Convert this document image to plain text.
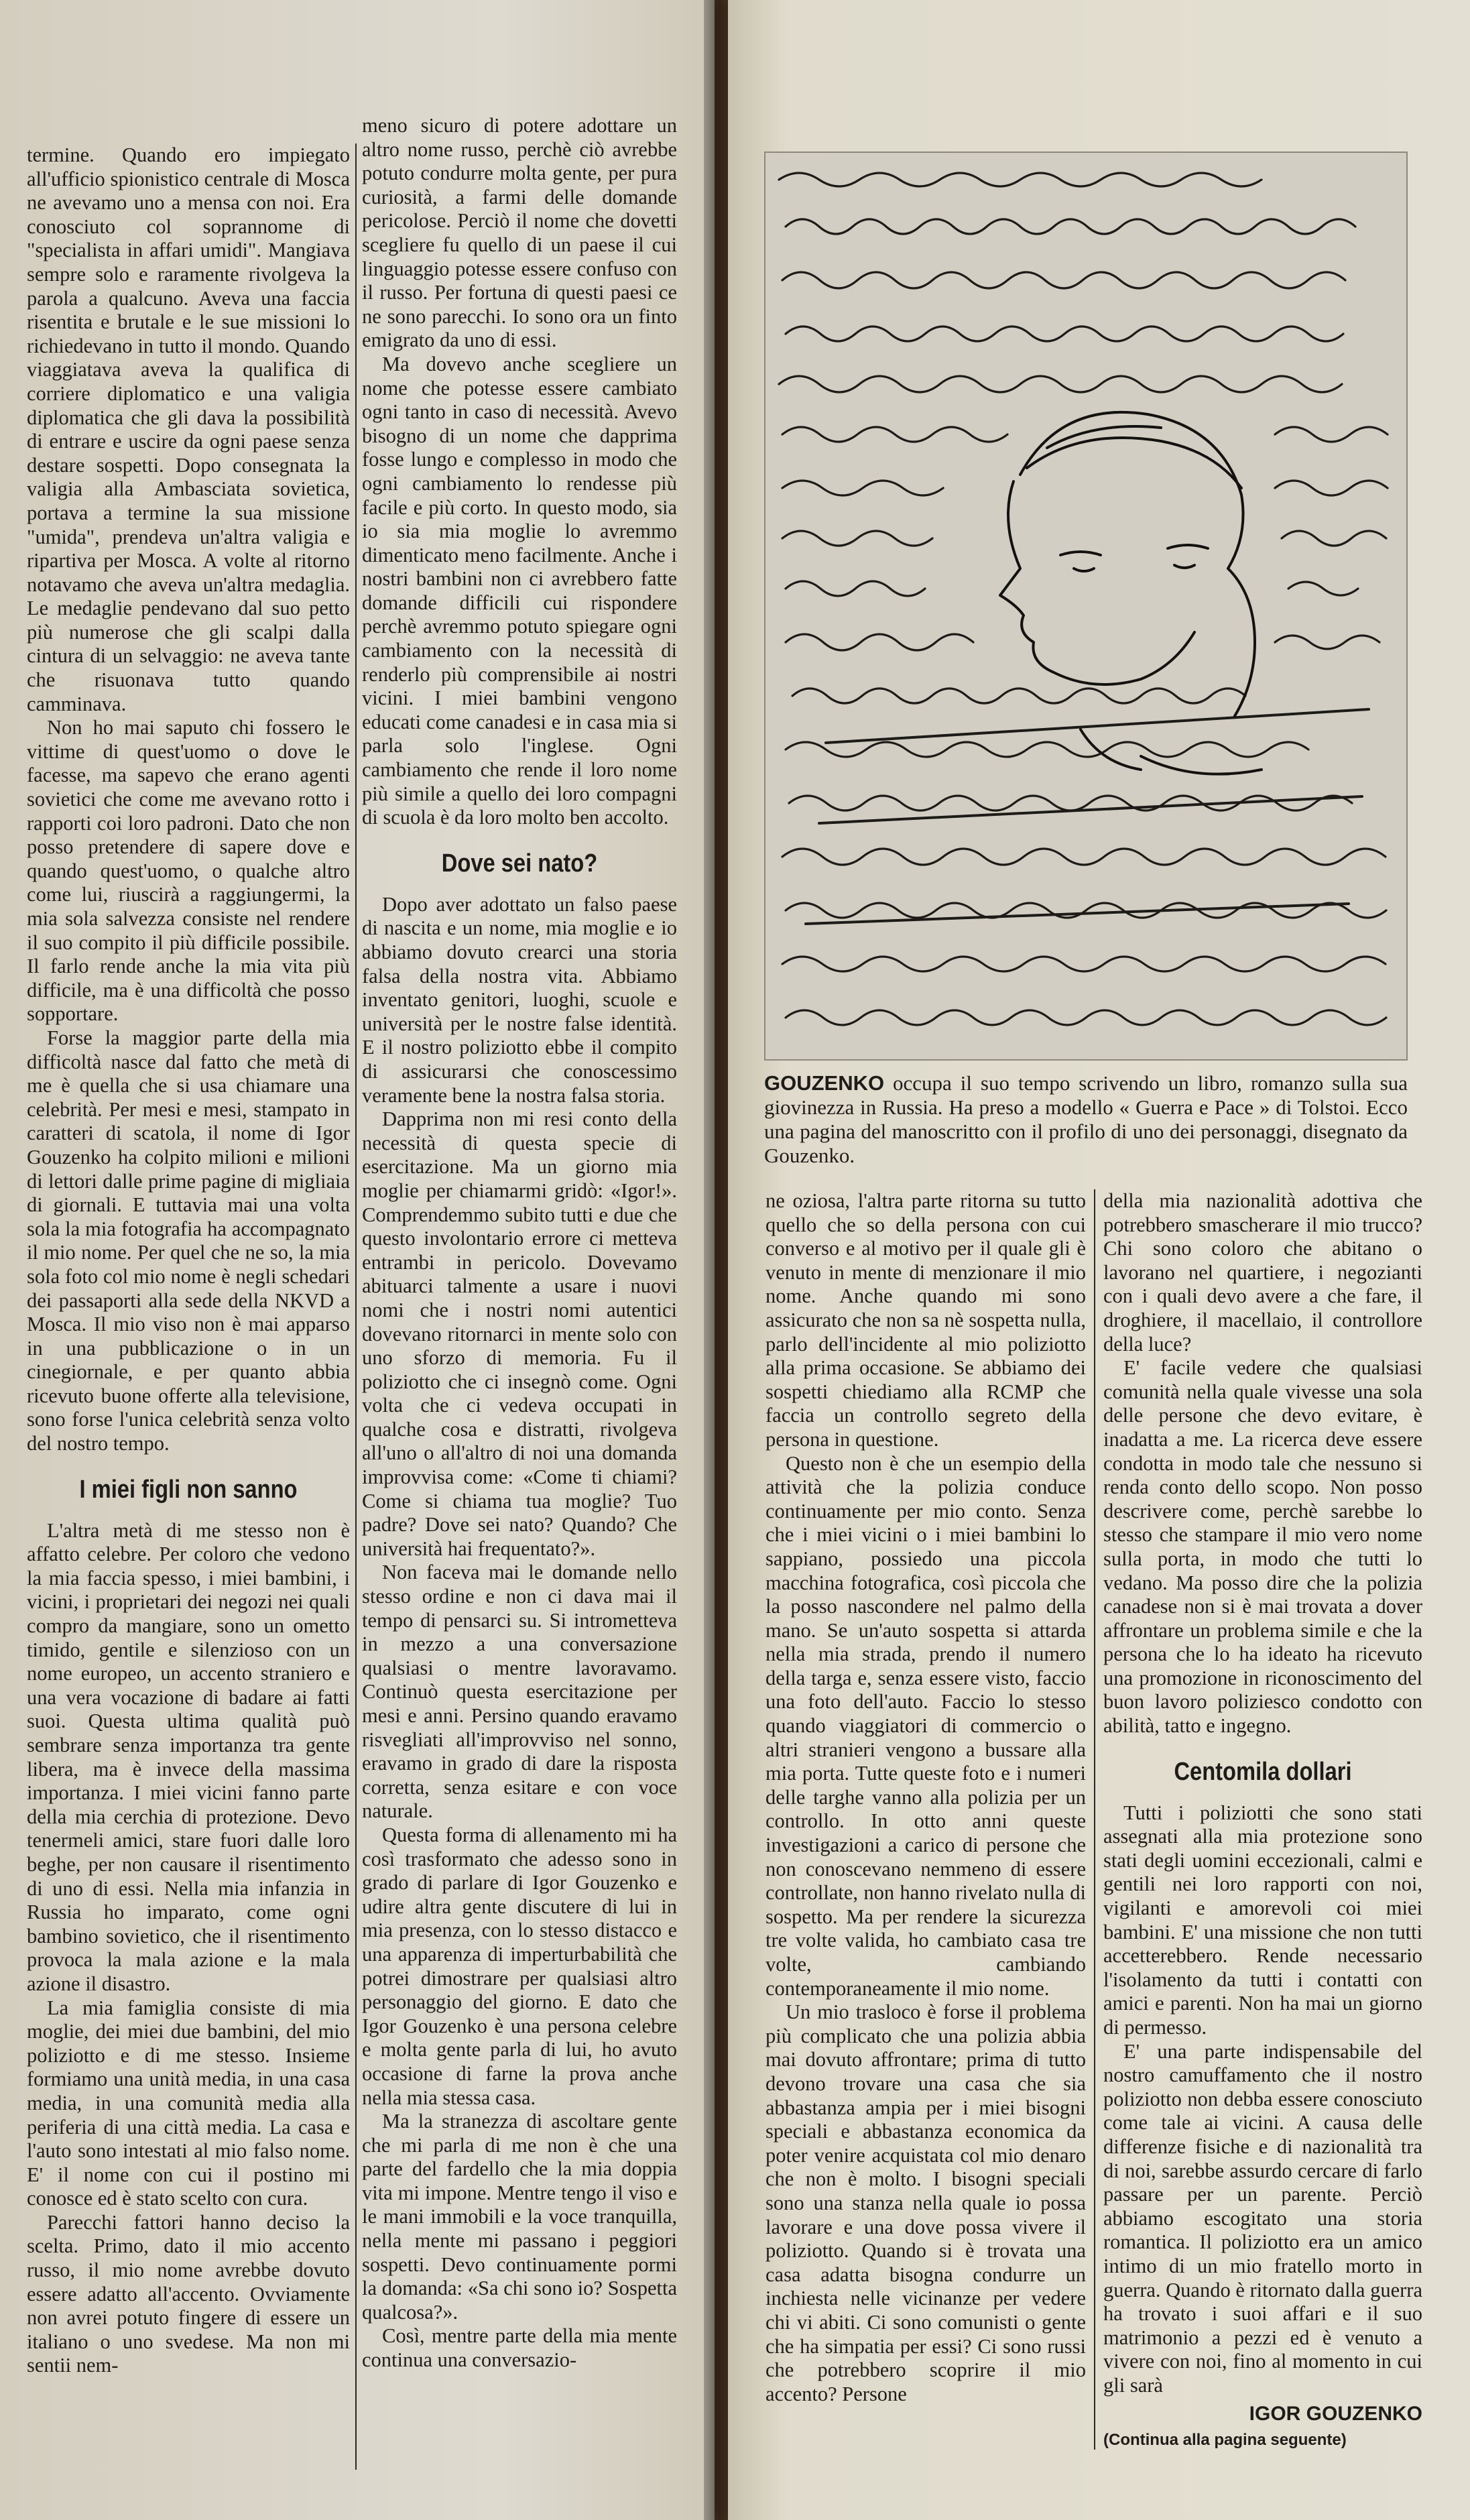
termine. Quando ero impiegato all'ufficio spionistico centrale di Mosca ne avevamo uno a mensa con noi. Era conosciuto col soprannome di "specialista in affari umidi". Mangiava sempre solo e raramente rivolgeva la parola a qualcuno. Aveva una faccia risentita e brutale e le sue missioni lo richiedevano in tutto il mondo. Quando viaggiatava aveva la qualifica di corriere diplomatico e una valigia diplomatica che gli dava la possibilità di entrare e uscire da ogni paese senza destare sospetti. Dopo consegnata la valigia alla Ambasciata sovietica, portava a termine la sua missione "umida", prendeva un'altra valigia e ripartiva per Mosca. A volte al ritorno notavamo che aveva un'altra medaglia. Le medaglie pendevano dal suo petto più numerose che gli scalpi dalla cintura di un selvaggio: ne aveva tante che risuonava tutto quando camminava.

Non ho mai saputo chi fossero le vittime di quest'uomo o dove le facesse, ma sapevo che erano agenti sovietici che come me avevano rotto i rapporti coi loro padroni. Dato che non posso pretendere di sapere dove e quando quest'uomo, o qualche altro come lui, riuscirà a raggiungermi, la mia sola salvezza consiste nel rendere il suo compito il più difficile possibile. Il farlo rende anche la mia vita più difficile, ma è una difficoltà che posso sopportare.

Forse la maggior parte della mia difficoltà nasce dal fatto che metà di me è quella che si usa chiamare una celebrità. Per mesi e mesi, stampato in caratteri di scatola, il nome di Igor Gouzenko ha colpito milioni e milioni di lettori dalle prime pagine di migliaia di giornali. E tuttavia mai una volta sola la mia fotografia ha accompagnato il mio nome. Per quel che ne so, la mia sola foto col mio nome è negli schedari dei passaporti alla sede della NKVD a Mosca. Il mio viso non è mai apparso in una pubblicazione o in un cinegiornale, e per quanto abbia ricevuto buone offerte alla televisione, sono forse l'unica celebrità senza volto del nostro tempo.

I miei figli non sanno

L'altra metà di me stesso non è affatto celebre. Per coloro che vedono la mia faccia spesso, i miei bambini, i vicini, i proprietari dei negozi nei quali compro da mangiare, sono un ometto timido, gentile e silenzioso con un nome europeo, un accento straniero e una vera vocazione di badare ai fatti suoi. Questa ultima qualità può sembrare senza importanza tra gente libera, ma è invece della massima importanza. I miei vicini fanno parte della mia cerchia di protezione. Devo tenermeli amici, stare fuori dalle loro beghe, per non causare il risentimento di uno di essi. Nella mia infanzia in Russia ho imparato, come ogni bambino sovietico, che il risentimento provoca la mala azione e la mala azione il disastro.

La mia famiglia consiste di mia moglie, dei miei due bambini, del mio poliziotto e di me stesso. Insieme formiamo una unità media, in una casa media, in una comunità media alla periferia di una città media. La casa e l'auto sono intestati al mio falso nome. E' il nome con cui il postino mi conosce ed è stato scelto con cura.

Parecchi fattori hanno deciso la scelta. Primo, dato il mio accento russo, il mio nome avrebbe dovuto essere adatto all'accento. Ovviamente non avrei potuto fingere di essere un italiano o uno svedese. Ma non mi sentii nem-

meno sicuro di potere adottare un altro nome russo, perchè ciò avrebbe potuto condurre molta gente, per pura curiosità, a farmi delle domande pericolose. Perciò il nome che dovetti scegliere fu quello di un paese il cui linguaggio potesse essere confuso con il russo. Per fortuna di questi paesi ce ne sono parecchi. Io sono ora un finto emigrato da uno di essi.

Ma dovevo anche scegliere un nome che potesse essere cambiato ogni tanto in caso di necessità. Avevo bisogno di un nome che dapprima fosse lungo e complesso in modo che ogni cambiamento lo rendesse più facile e più corto. In questo modo, sia io sia mia moglie lo avremmo dimenticato meno facilmente. Anche i nostri bambini non ci avrebbero fatte domande difficili cui rispondere perchè avremmo potuto spiegare ogni cambiamento con la necessità di renderlo più comprensibile ai nostri vicini. I miei bambini vengono educati come canadesi e in casa mia si parla solo l'inglese. Ogni cambiamento che rende il loro nome più simile a quello dei loro compagni di scuola è da loro molto ben accolto.

Dove sei nato?

Dopo aver adottato un falso paese di nascita e un nome, mia moglie e io abbiamo dovuto crearci una storia falsa della nostra vita. Abbiamo inventato genitori, luoghi, scuole e università per le nostre false identità. E il nostro poliziotto ebbe il compito di assicurarsi che conoscessimo veramente bene la nostra falsa storia.

Dapprima non mi resi conto della necessità di questa specie di esercitazione. Ma un giorno mia moglie per chiamarmi gridò: «Igor!». Comprendemmo subito tutti e due che questo involontario errore ci metteva entrambi in pericolo. Dovevamo abituarci talmente a usare i nuovi nomi che i nostri nomi autentici dovevano ritornarci in mente solo con uno sforzo di memoria. Fu il poliziotto che ci insegnò come. Ogni volta che ci vedeva occupati in qualche cosa e distratti, rivolgeva all'uno o all'altro di noi una domanda improvvisa come: «Come ti chiami? Come si chiama tua moglie? Tuo padre? Dove sei nato? Quando? Che università hai frequentato?».

Non faceva mai le domande nello stesso ordine e non ci dava mai il tempo di pensarci su. Si intrometteva in mezzo a una conversazione qualsiasi o mentre lavoravamo. Continuò questa esercitazione per mesi e anni. Persino quando eravamo risvegliati all'improvviso nel sonno, eravamo in grado di dare la risposta corretta, senza esitare e con voce naturale.

Questa forma di allenamento mi ha così trasformato che adesso sono in grado di parlare di Igor Gouzenko e udire altra gente discutere di lui in mia presenza, con lo stesso distacco e una apparenza di imperturbabilità che potrei dimostrare per qualsiasi altro personaggio del giorno. E dato che Igor Gouzenko è una persona celebre e molta gente parla di lui, ho avuto occasione di farne la prova anche nella mia stessa casa.

Ma la stranezza di ascoltare gente che mi parla di me non è che una parte del fardello che la mia doppia vita mi impone. Mentre tengo il viso e le mani immobili e la voce tranquilla, nella mente mi passano i peggiori sospetti. Devo continuamente pormi la domanda: «Sa chi sono io? Sospetta qualcosa?».

Così, mentre parte della mia mente continua una conversazio-

GOUZENKO occupa il suo tempo scrivendo un libro, romanzo sulla sua giovinezza in Russia. Ha preso a modello « Guerra e Pace » di Tolstoi. Ecco una pagina del manoscritto con il profilo di uno dei personaggi, disegnato da Gouzenko.

ne oziosa, l'altra parte ritorna su tutto quello che so della persona con cui converso e al motivo per il quale gli è venuto in mente di menzionare il mio nome. Anche quando mi sono assicurato che non sa nè sospetta nulla, parlo dell'incidente al mio poliziotto alla prima occasione. Se abbiamo dei sospetti chiediamo alla RCMP che faccia un controllo segreto della persona in questione.

Questo non è che un esempio della attività che la polizia conduce continuamente per mio conto. Senza che i miei vicini o i miei bambini lo sappiano, possiedo una piccola macchina fotografica, così piccola che la posso nascondere nel palmo della mano. Se un'auto sospetta si attarda nella mia strada, prendo il numero della targa e, senza essere visto, faccio una foto dell'auto. Faccio lo stesso quando viaggiatori di commercio o altri stranieri vengono a bussare alla mia porta. Tutte queste foto e i numeri delle targhe vanno alla polizia per un controllo. In otto anni queste investigazioni a carico di persone che non conoscevano nemmeno di essere controllate, non hanno rivelato nulla di sospetto. Ma per rendere la sicurezza tre volte valida, ho cambiato casa tre volte, cambiando contemporaneamente il mio nome.

Un mio trasloco è forse il problema più complicato che una polizia abbia mai dovuto affrontare; prima di tutto devono trovare una casa che sia abbastanza ampia per i miei bisogni speciali e abbastanza economica da poter venire acquistata col mio denaro che non è molto. I bisogni speciali sono una stanza nella quale io possa lavorare e una dove possa vivere il poliziotto. Quando si è trovata una casa adatta bisogna condurre un inchiesta nelle vicinanze per vedere chi vi abiti. Ci sono comunisti o gente che ha simpatia per essi? Ci sono russi che potrebbero scoprire il mio accento? Persone

della mia nazionalità adottiva che potrebbero smascherare il mio trucco? Chi sono coloro che abitano o lavorano nel quartiere, i negozianti con i quali devo avere a che fare, il droghiere, il macellaio, il controllore della luce?

E' facile vedere che qualsiasi comunità nella quale vivesse una sola delle persone che devo evitare, è inadatta a me. La ricerca deve essere condotta in modo tale che nessuno si renda conto dello scopo. Non posso descrivere come, perchè sarebbe lo stesso che stampare il mio vero nome sulla porta, in modo che tutti lo vedano. Ma posso dire che la polizia canadese non si è mai trovata a dover affrontare un problema simile e che la persona che lo ha ideato ha ricevuto una promozione in riconoscimento del buon lavoro poliziesco condotto con abilità, tatto e ingegno.

Centomila dollari

Tutti i poliziotti che sono stati assegnati alla mia protezione sono stati degli uomini eccezionali, calmi e gentili nei loro rapporti con noi, vigilanti e amorevoli coi miei bambini. E' una missione che non tutti accetterebbero. Rende necessario l'isolamento da tutti i contatti con amici e parenti. Non ha mai un giorno di permesso.

E' una parte indispensabile del nostro camuffamento che il nostro poliziotto non debba essere conosciuto come tale ai vicini. A causa delle differenze fisiche e di nazionalità tra di noi, sarebbe assurdo cercare di farlo passare per un parente. Perciò abbiamo escogitato una storia romantica. Il poliziotto era un amico intimo di un mio fratello morto in guerra. Quando è ritornato dalla guerra ha trovato i suoi affari e il suo matrimonio a pezzi ed è venuto a vivere con noi, fino al momento in cui gli sarà

IGOR GOUZENKO
(Continua alla pagina seguente)
